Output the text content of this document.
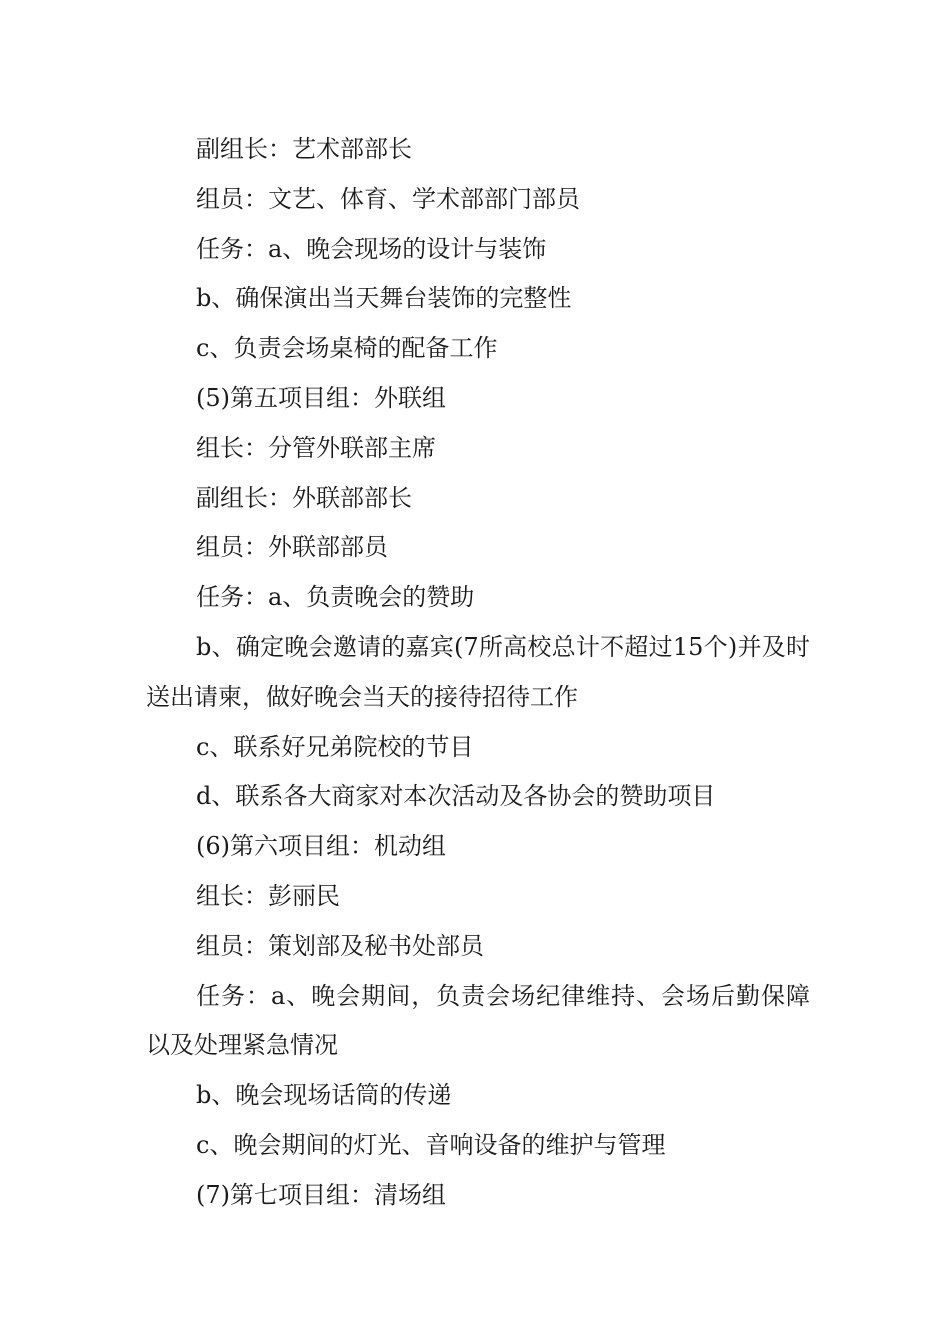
副组长：艺术部部长

组员：文艺、体育、学术部部门部员

任务：a、晚会现场的设计与装饰

b、确保演出当天舞台装饰的完整性

c、负责会场桌椅的配备工作

(5)第五项目组：外联组

组长：分管外联部主席

副组长：外联部部长

组员：外联部部员

任务：a、负责晚会的赞助

b、确定晚会邀请的嘉宾(7所高校总计不超过15个)并及时送出请柬，做好晚会当天的接待招待工作

c、联系好兄弟院校的节目

d、联系各大商家对本次活动及各协会的赞助项目

(6)第六项目组：机动组

组长：彭丽民

组员：策划部及秘书处部员

任务：a、晚会期间，负责会场纪律维持、会场后勤保障以及处理紧急情况

b、晚会现场话筒的传递

c、晚会期间的灯光、音响设备的维护与管理

(7)第七项目组：清场组
